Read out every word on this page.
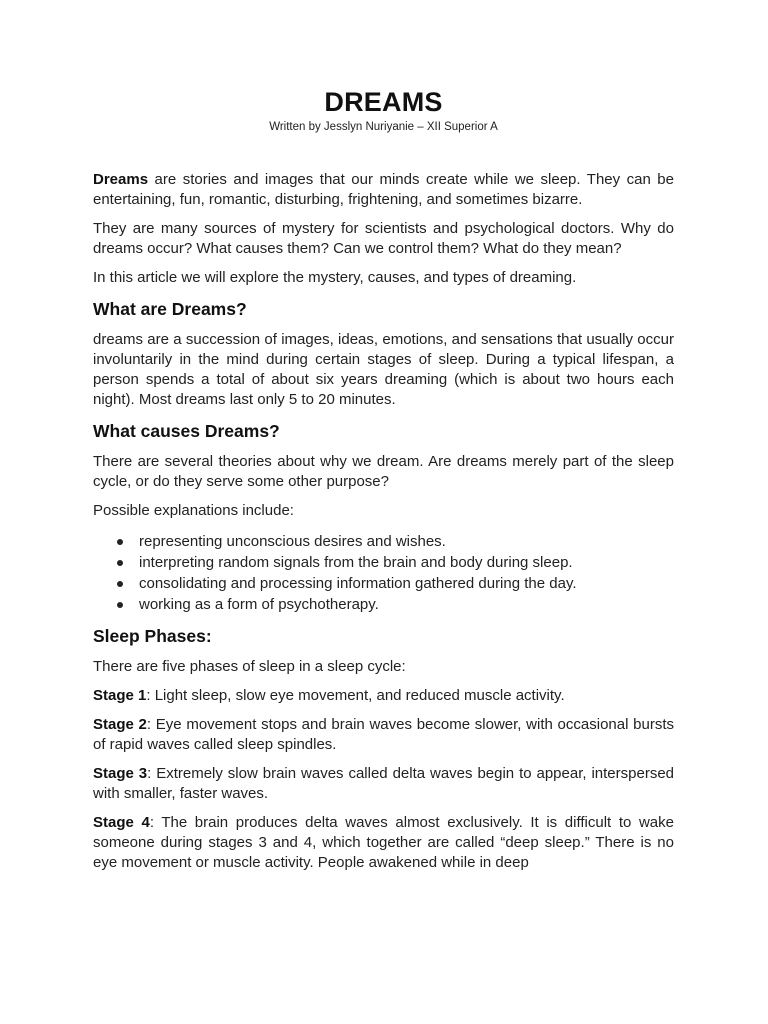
DREAMS

Written by Jesslyn Nuriyanie – XII Superior A

Dreams are stories and images that our minds create while we sleep. They can be entertaining, fun, romantic, disturbing, frightening, and sometimes bizarre.

They are many sources of mystery for scientists and psychological doctors. Why do dreams occur? What causes them? Can we control them? What do they mean?

In this article we will explore the mystery, causes, and types of dreaming.

What are Dreams?

dreams are a succession of images, ideas, emotions, and sensations that usually occur involuntarily in the mind during certain stages of sleep. During a typical lifespan, a person spends a total of about six years dreaming (which is about two hours each night). Most dreams last only 5 to 20 minutes.

What causes Dreams?

There are several theories about why we dream. Are dreams merely part of the sleep cycle, or do they serve some other purpose?

Possible explanations include:

representing unconscious desires and wishes.
interpreting random signals from the brain and body during sleep.
consolidating and processing information gathered during the day.
working as a form of psychotherapy.
Sleep Phases:

There are five phases of sleep in a sleep cycle:

Stage 1: Light sleep, slow eye movement, and reduced muscle activity.

Stage 2: Eye movement stops and brain waves become slower, with occasional bursts of rapid waves called sleep spindles.

Stage 3: Extremely slow brain waves called delta waves begin to appear, interspersed with smaller, faster waves.

Stage 4: The brain produces delta waves almost exclusively. It is difficult to wake someone during stages 3 and 4, which together are called “deep sleep.” There is no eye movement or muscle activity. People awakened while in deep
